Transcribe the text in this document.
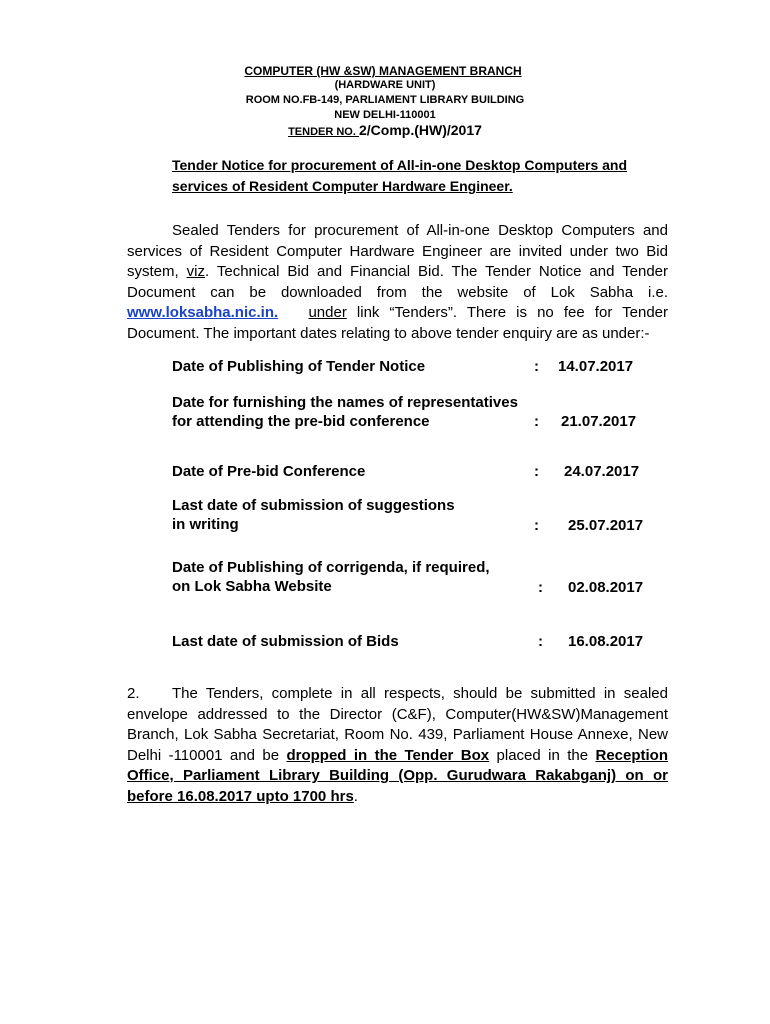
COMPUTER (HW &SW) MANAGEMENT BRANCH
(HARDWARE UNIT)
ROOM NO.FB-149, PARLIAMENT LIBRARY BUILDING
NEW DELHI-110001
TENDER NO. 2/Comp.(HW)/2017
Tender Notice for procurement of All-in-one Desktop Computers and services of Resident Computer Hardware Engineer.
Sealed Tenders for procurement of All-in-one Desktop Computers and services of Resident Computer Hardware Engineer are invited under two Bid system, viz. Technical Bid and Financial Bid. The Tender Notice and Tender Document can be downloaded from the website of Lok Sabha i.e. www.loksabha.nic.in. under link “Tenders”. There is no fee for Tender Document. The important dates relating to above tender enquiry are as under:-
Date of Publishing of Tender Notice	: 14.07.2017
Date for furnishing the names of representatives
for attending the pre-bid conference	: 21.07.2017
Date of Pre-bid Conference	: 24.07.2017
Last date of submission of suggestions
in writing	: 25.07.2017
Date of Publishing of corrigenda, if required,
on Lok Sabha Website	: 02.08.2017
Last date of submission of Bids	: 16.08.2017
2. The Tenders, complete in all respects, should be submitted in sealed envelope addressed to the Director (C&F), Computer(HW&SW)Management Branch, Lok Sabha Secretariat, Room No. 439, Parliament House Annexe, New Delhi -110001 and be dropped in the Tender Box placed in the Reception Office, Parliament Library Building (Opp. Gurudwara Rakabganj) on or before 16.08.2017 upto 1700 hrs.
